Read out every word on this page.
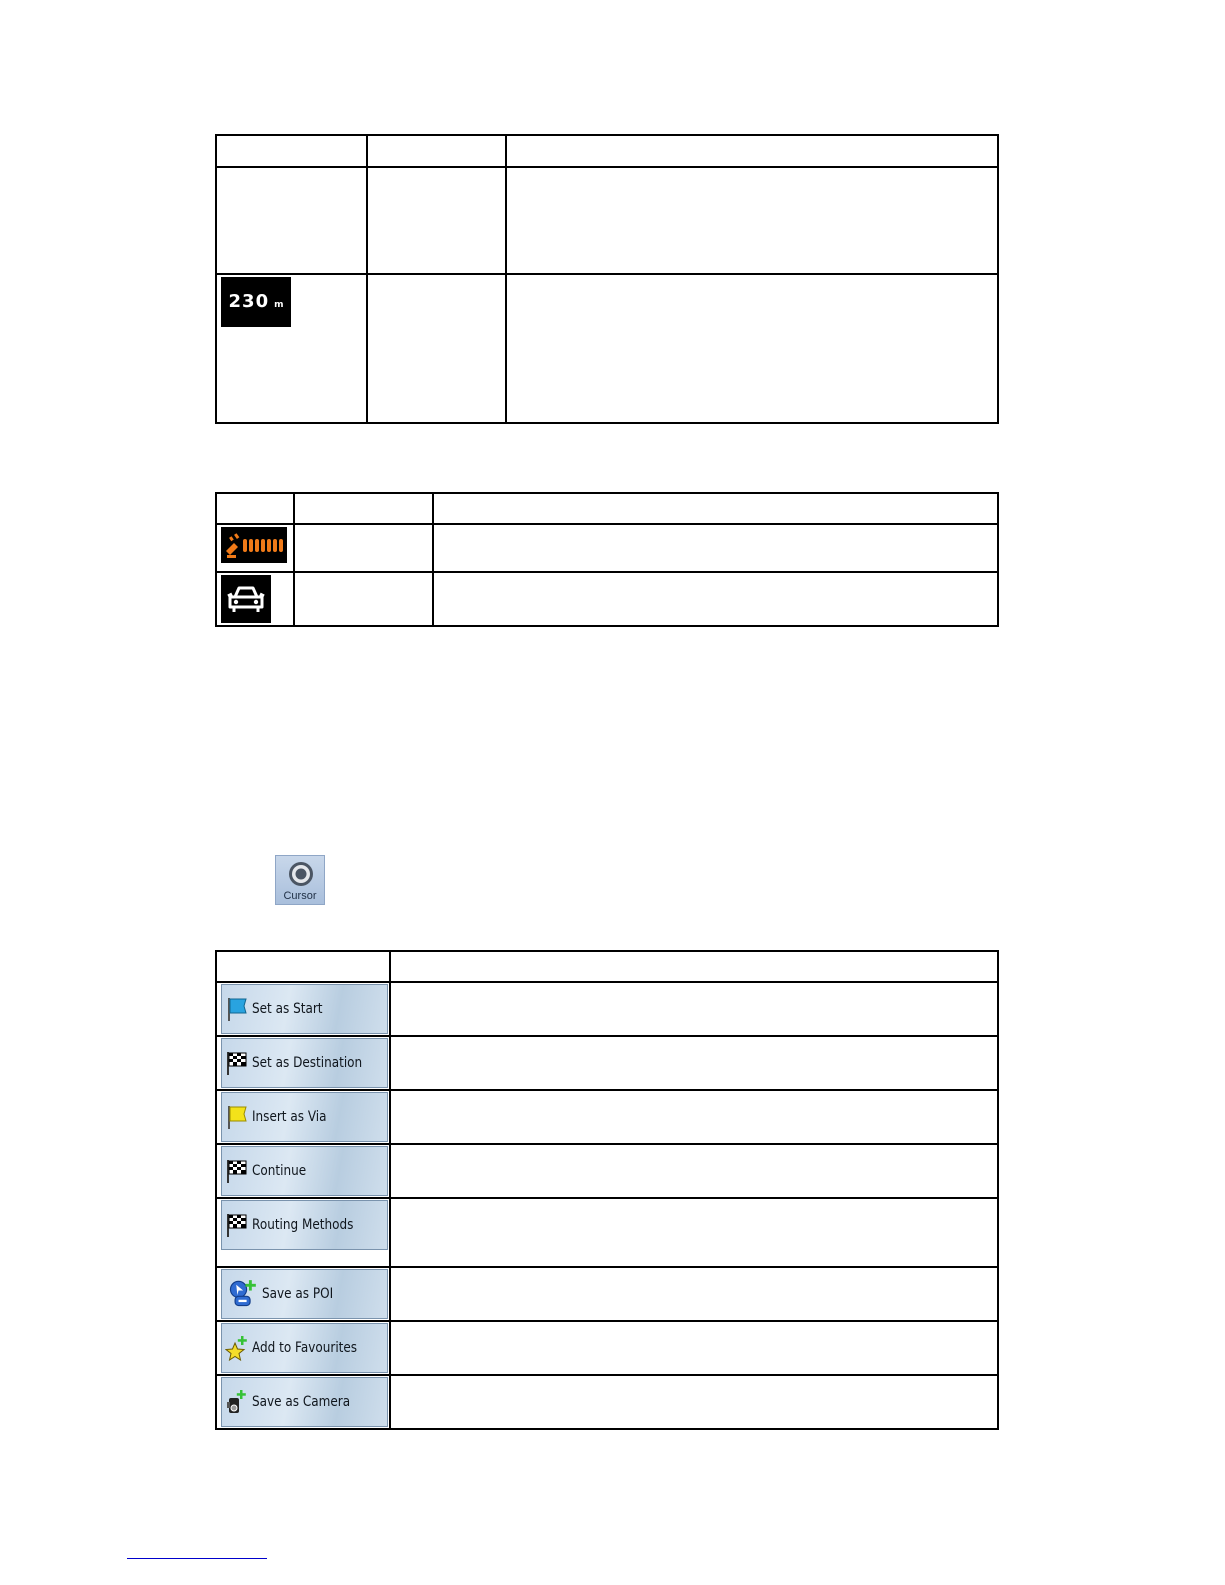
230 m		

Cursor

Set as Start	

Set as Destination	

Insert as Via	

Continue	

Routing Methods	

Save as POI	

Add to Favourites	

Save as Camera	
